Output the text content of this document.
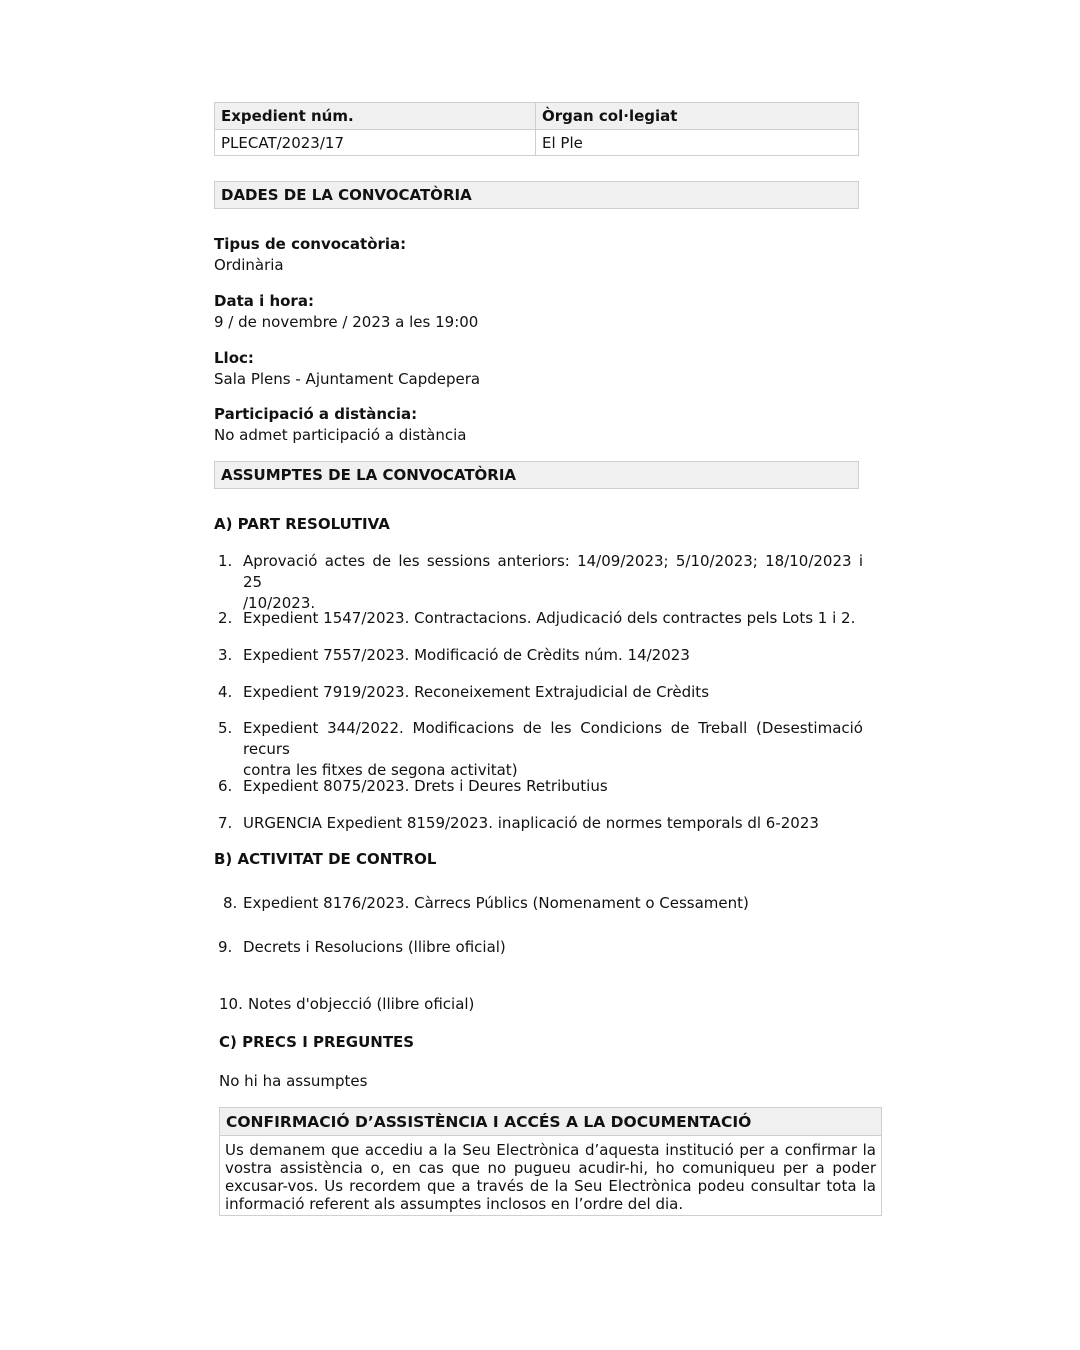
Expedient núm.	Òrgan col·legiat
PLECAT/2023/17	El Ple
DADES DE LA CONVOCATÒRIA
Tipus de convocatòria:
Ordinària
Data i hora:
9 / de novembre / 2023 a les 19:00
Lloc:
Sala Plens - Ajuntament Capdepera
Participació a distància:
No admet participació a distància
ASSUMPTES DE LA CONVOCATÒRIA
A) PART RESOLUTIVA
1. Aprovació actes de les sessions anteriors: 14/09/2023; 5/10/2023; 18/10/2023 i 25
/10/2023.
2. Expedient 1547/2023. Contractacions. Adjudicació dels contractes pels Lots 1 i 2.
3. Expedient 7557/2023. Modificació de Crèdits núm. 14/2023
4. Expedient 7919/2023. Reconeixement Extrajudicial de Crèdits
5. Expedient 344/2022. Modificacions de les Condicions de Treball (Desestimació recurs
contra les fitxes de segona activitat)
6. Expedient 8075/2023. Drets i Deures Retributius
7. URGENCIA Expedient 8159/2023. inaplicació de normes temporals dl 6-2023
B) ACTIVITAT DE CONTROL
8. Expedient 8176/2023. Càrrecs Públics (Nomenament o Cessament)
9. Decrets i Resolucions (llibre oficial)
10. Notes d'objecció (llibre oficial)
C) PRECS I PREGUNTES
No hi ha assumptes
CONFIRMACIÓ D’ASSISTÈNCIA I ACCÉS A LA DOCUMENTACIÓ
Us demanem que accediu a la Seu Electrònica d’aquesta institució per a confirmar la
vostra assistència o, en cas que no pugueu acudir-hi, ho comuniqueu per a poder
excusar-vos. Us recordem que a través de la Seu Electrònica podeu consultar tota la
informació referent als assumptes inclosos en l’ordre del dia.
